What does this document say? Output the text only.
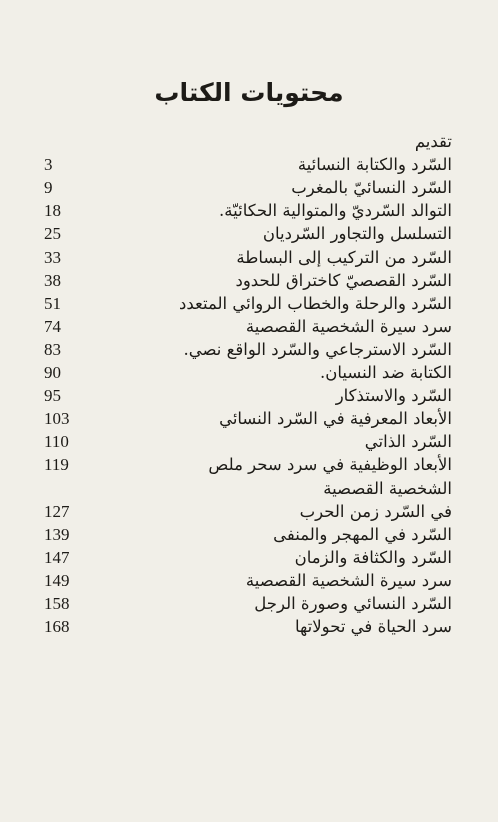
محتويات الكتاب
تقديم
3	السّرد والكتابة النسائية
9	السّرد النسائيّ بالمغرب
18	التوالد السّرديّ والمتوالية الحكائيّة.
25	التسلسل والتجاور السّرديان
33	السّرد من التركيب إلى البساطة
38	السّرد القصصيّ كاختراق للحدود
51	السّرد والرحلة والخطاب الروائي المتعدد
74	سرد سيرة الشخصية القصصية
83	السّرد الاسترجاعي والسّرد الواقع نصي.
90	الكتابة ضد النسيان.
95	السّرد والاستذكار
103	الأبعاد المعرفية في السّرد النسائي
110	السّرد الذاتي
119	الأبعاد الوظيفية في سرد سحر ملص
الشخصية القصصية
127	في السّرد زمن الحرب
139	السّرد في المهجر والمنفى
147	السّرد والكثافة والزمان
149	سرد سيرة الشخصية القصصية
158	السّرد النسائي وصورة الرجل
168	سرد الحياة في تحولاتها
